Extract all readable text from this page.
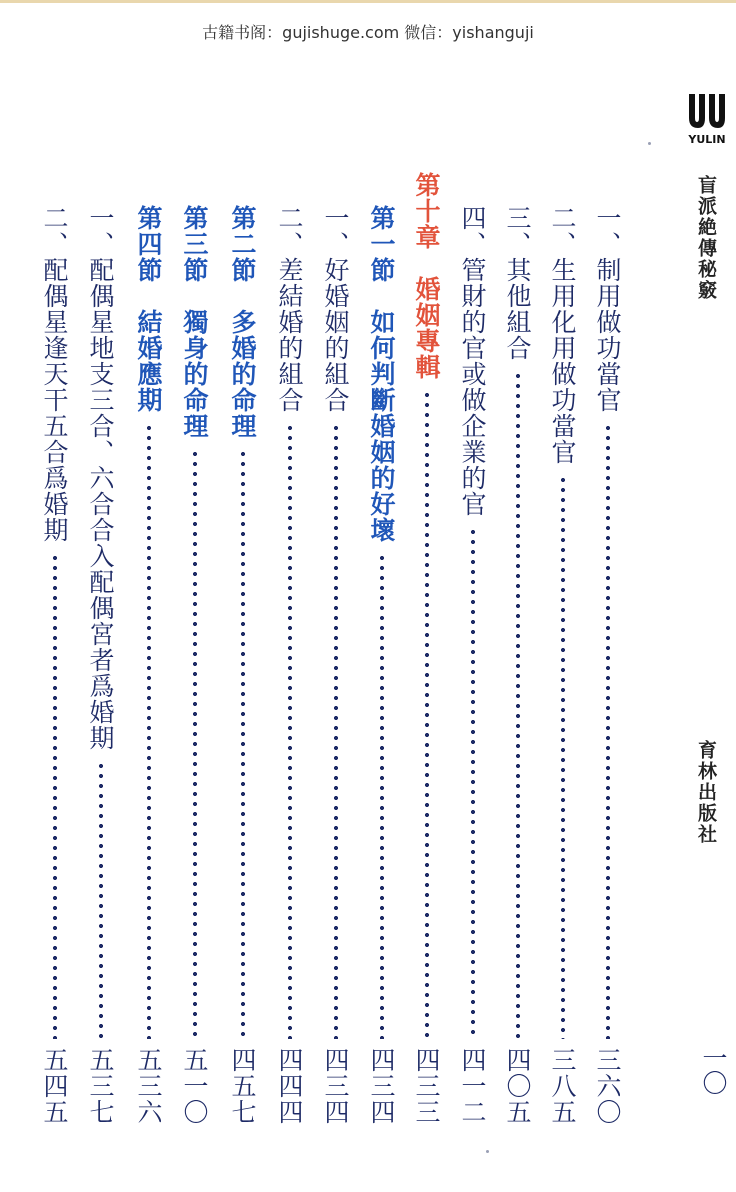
古籍书阁：gujishuge.com 微信：yishanguji
YULIN
盲派絶傳秘竅
育林出版社
一〇
一、制用做功當官
三六〇
二、生用化用做功當官
三八五
三、其他組合
四〇五
四、管財的官或做企業的官
四一二
第十章　婚姻專輯
四三三
第一節　如何判斷婚姻的好壞
四三四
一、好婚姻的組合
四三四
二、差結婚的組合
四四四
第二節　多婚的命理
四五七
第三節　獨身的命理
五一〇
第四節　結婚應期
五三六
一、配偶星地支三合、六合合入配偶宮者爲婚期
五三七
二、配偶星逢天干五合爲婚期
五四五
